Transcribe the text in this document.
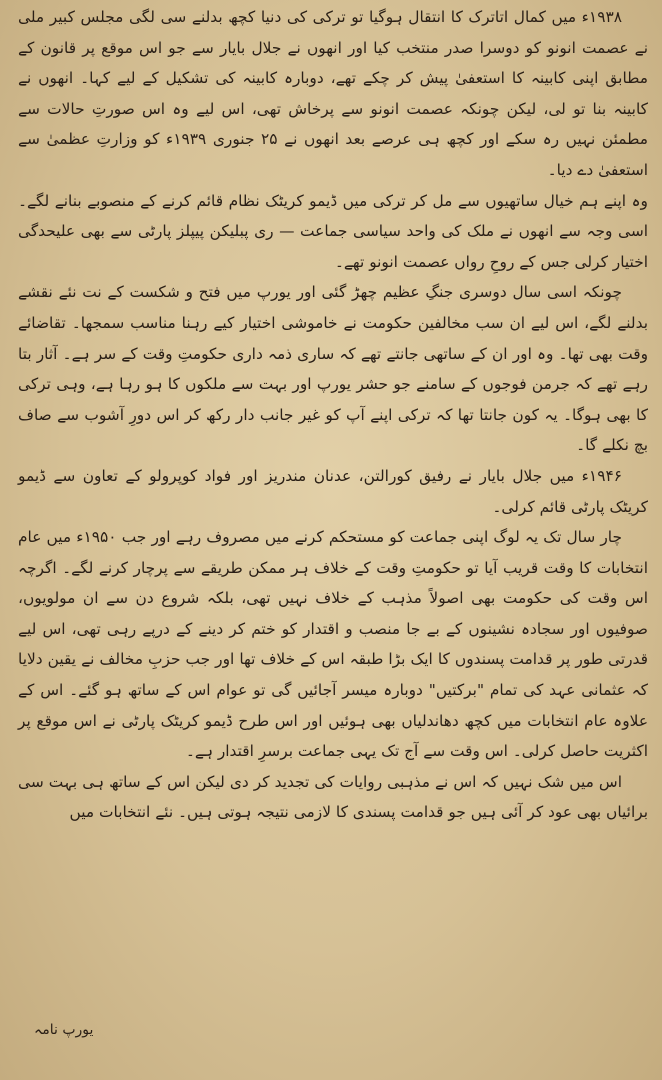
۱۹۳۸ء میں کمال اتاترک کا انتقال ہوگیا تو ترکی کی دنیا کچھ بدلنے سی لگی مجلس کبیر ملی نے عصمت انونو کو دوسرا صدر منتخب کیا اور انھوں نے جلال بایار سے جو اس موقع پر قانون کے مطابق اپنی کابینہ کا استعفیٰ پیش کر چکے تھے، دوبارہ کابینہ کی تشکیل کے لیے کہا۔ انھوں نے کابینہ بنا تو لی، لیکن چونکہ عصمت انونو سے پرخاش تھی، اس لیے وہ اس صورتِ حالات سے مطمئن نہیں رہ سکے اور کچھ ہی عرصے بعد انھوں نے ۲۵ جنوری ۱۹۳۹ء کو وزارتِ عظمیٰ سے استعفیٰ دے دیا۔

وہ اپنے ہم خیال ساتھیوں سے مل کر ترکی میں ڈیمو کریٹک نظام قائم کرنے کے منصوبے بنانے لگے۔ اسی وجہ سے انھوں نے ملک کی واحد سیاسی جماعت — ری پبلیکن پیپلز پارٹی سے بھی علیحدگی اختیار کرلی جس کے روحِ رواں عصمت انونو تھے۔

چونکہ اسی سال دوسری جنگِ عظیم چھڑ گئی اور یورپ میں فتح و شکست کے نت نئے نقشے بدلنے لگے، اس لیے ان سب مخالفین حکومت نے خاموشی اختیار کیے رہنا مناسب سمجھا۔ تقاضائے وقت بھی تھا۔ وہ اور ان کے ساتھی جانتے تھے کہ ساری ذمہ داری حکومتِ وقت کے سر ہے۔ آثار بتا رہے تھے کہ جرمن فوجوں کے سامنے جو حشر یورپ اور بہت سے ملکوں کا ہو رہا ہے، وہی ترکی کا بھی ہوگا۔ یہ کون جانتا تھا کہ ترکی اپنے آپ کو غیر جانب دار رکھ کر اس دورِ آشوب سے صاف بچ نکلے گا۔

۱۹۴۶ء میں جلال بایار نے رفیق کورالتن، عدنان مندریز اور فواد کوپرولو کے تعاون سے ڈیمو کریٹک پارٹی قائم کرلی۔

چار سال تک یہ لوگ اپنی جماعت کو مستحکم کرنے میں مصروف رہے اور جب ۱۹۵۰ء میں عام انتخابات کا وقت قریب آیا تو حکومتِ وقت کے خلاف ہر ممکن طریقے سے پرچار کرنے لگے۔ اگرچہ اس وقت کی حکومت بھی اصولاً مذہب کے خلاف نہیں تھی، بلکہ شروع دن سے ان مولویوں، صوفیوں اور سجادہ نشینوں کے بے جا منصب و اقتدار کو ختم کر دینے کے درپے رہی تھی، اس لیے قدرتی طور پر قدامت پسندوں کا ایک بڑا طبقہ اس کے خلاف تھا اور جب حزبِ مخالف نے یقین دلایا کہ عثمانی عہد کی تمام "برکتیں" دوبارہ میسر آجائیں گی تو عوام اس کے ساتھ ہو گئے۔ اس کے علاوہ عام انتخابات میں کچھ دھاندلیاں بھی ہوئیں اور اس طرح ڈیمو کریٹک پارٹی نے اس موقع پر اکثریت حاصل کرلی۔ اس وقت سے آج تک یہی جماعت برسرِ اقتدار ہے۔

اس میں شک نہیں کہ اس نے مذہبی روایات کی تجدید کر دی لیکن اس کے ساتھ ہی بہت سی برائیاں بھی عود کر آئی ہیں جو قدامت پسندی کا لازمی نتیجہ ہوتی ہیں۔ نئے انتخابات میں

یورپ نامہ
